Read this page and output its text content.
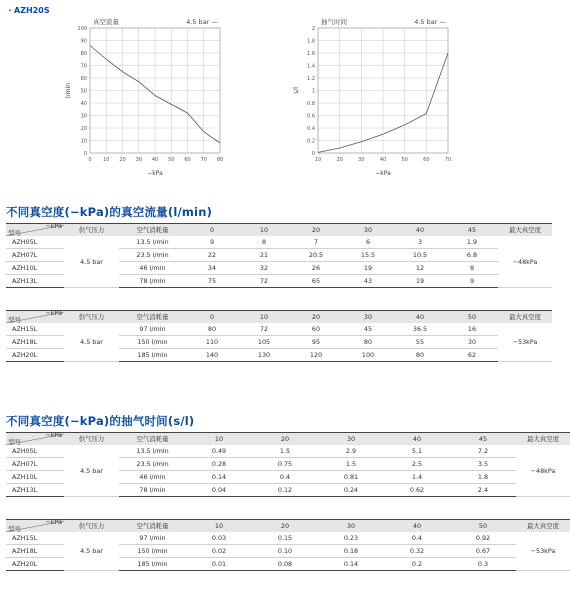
・AZH20S
0 10 20 30 40 50 60 70 80
0
10
20
30
40
50
60
70
80
90
100
真空流量	4.5 bar —
−kPa
l/min
10	20	30	40	50	60	70
0
0.2
0.4
0.6
0.8
1
1.2
1.4
1.6
1.8
2
抽气时间	4.5 bar —
−kPa
s/l
不同真空度(−kPa)的真空流量(l/min)
−kPa
型号	供气压力	空气消耗量	0	10	20	30	40	45	最大真空度
AZH05L	4.5 bar	13.5 l/min	9	8	7	6	3	1.9	−48kPa
AZH07L		23.5 l/min	22	21	20.5	15.5	10.5	6.8	
AZH10L		46 l/min	34	32	26	19	12	8	
AZH13L		78 l/min	75	72	65	43	19	9	
−kPa
型号	供气压力	空气消耗量	0	10	20	30	40	50	最大真空度
AZH15L	4.5 bar	97 l/min	80	72	60	45	36.5	16	−53kPa
AZH18L		150 l/min	110	105	95	80	55	30	
AZH20L		185 l/min	140	130	120	100	80	62	
不同真空度(−kPa)的抽气时间(s/l)
−kPa
型号	供气压力	空气消耗量	10	20	30	40	45	最大真空度
AZH05L	4.5 bar	13.5 l/min	0.49	1.5	2.9	5.1	7.2	−48kPa
AZH07L		23.5 l/min	0.28	0.75	1.5	2.5	3.5	
AZH10L		46 l/min	0.14	0.4	0.81	1.4	1.8	
AZH13L		78 l/min	0.04	0.12	0.24	0.62	2.4	
−kPa
型号	供气压力	空气消耗量	10	20	30	40	50	最大真空度
AZH15L	4.5 bar	97 l/min	0.03	0.15	0.23	0.4	0.92	−53kPa
AZH18L		150 l/min	0.02	0.10	0.18	0.32	0.67	
AZH20L		185 l/min	0.01	0.08	0.14	0.2	0.3	
